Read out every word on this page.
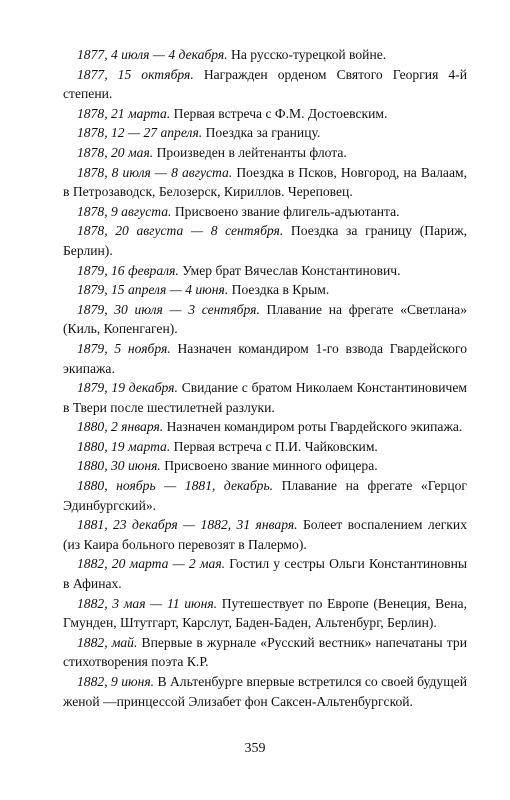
1877, 4 июля — 4 декабря. На русско-турецкой войне.

1877, 15 октября. Награжден орденом Святого Георгия 4-й степени.

1878, 21 марта. Первая встреча с Ф.М. Достоевским.

1878, 12 — 27 апреля. Поездка за границу.

1878, 20 мая. Произведен в лейтенанты флота.

1878, 8 июля — 8 августа. Поездка в Псков, Новгород, на Валаам, в Петрозаводск, Белозерск, Кириллов. Череповец.

1878, 9 августа. Присвоено звание флигель-адъютанта.

1878, 20 августа — 8 сентября. Поездка за границу (Париж, Берлин).

1879, 16 февраля. Умер брат Вячеслав Константинович.

1879, 15 апреля — 4 июня. Поездка в Крым.

1879, 30 июля — 3 сентября. Плавание на фрегате «Светлана» (Киль, Копенгаген).

1879, 5 ноября. Назначен командиром 1-го взвода Гвардейского экипажа.

1879, 19 декабря. Свидание с братом Николаем Константиновичем в Твери после шестилетней разлуки.

1880, 2 января. Назначен командиром роты Гвардейского экипажа.

1880, 19 марта. Первая встреча с П.И. Чайковским.

1880, 30 июня. Присвоено звание минного офицера.

1880, ноябрь — 1881, декабрь. Плавание на фрегате «Герцог Эдинбургский».

1881, 23 декабря — 1882, 31 января. Болеет воспалением легких (из Каира больного перевозят в Палермо).

1882, 20 марта — 2 мая. Гостил у сестры Ольги Константиновны в Афинах.

1882, 3 мая — 11 июня. Путешествует по Европе (Венеция, Вена, Гмунден, Штутгарт, Карслут, Баден-Баден, Альтенбург, Берлин).

1882, май. Впервые в журнале «Русский вестник» напечатаны три стихотворения поэта К.Р.

1882, 9 июня. В Альтенбурге впервые встретился со своей будущей женой —принцессой Элизабет фон Саксен-Альтенбургской.

359
